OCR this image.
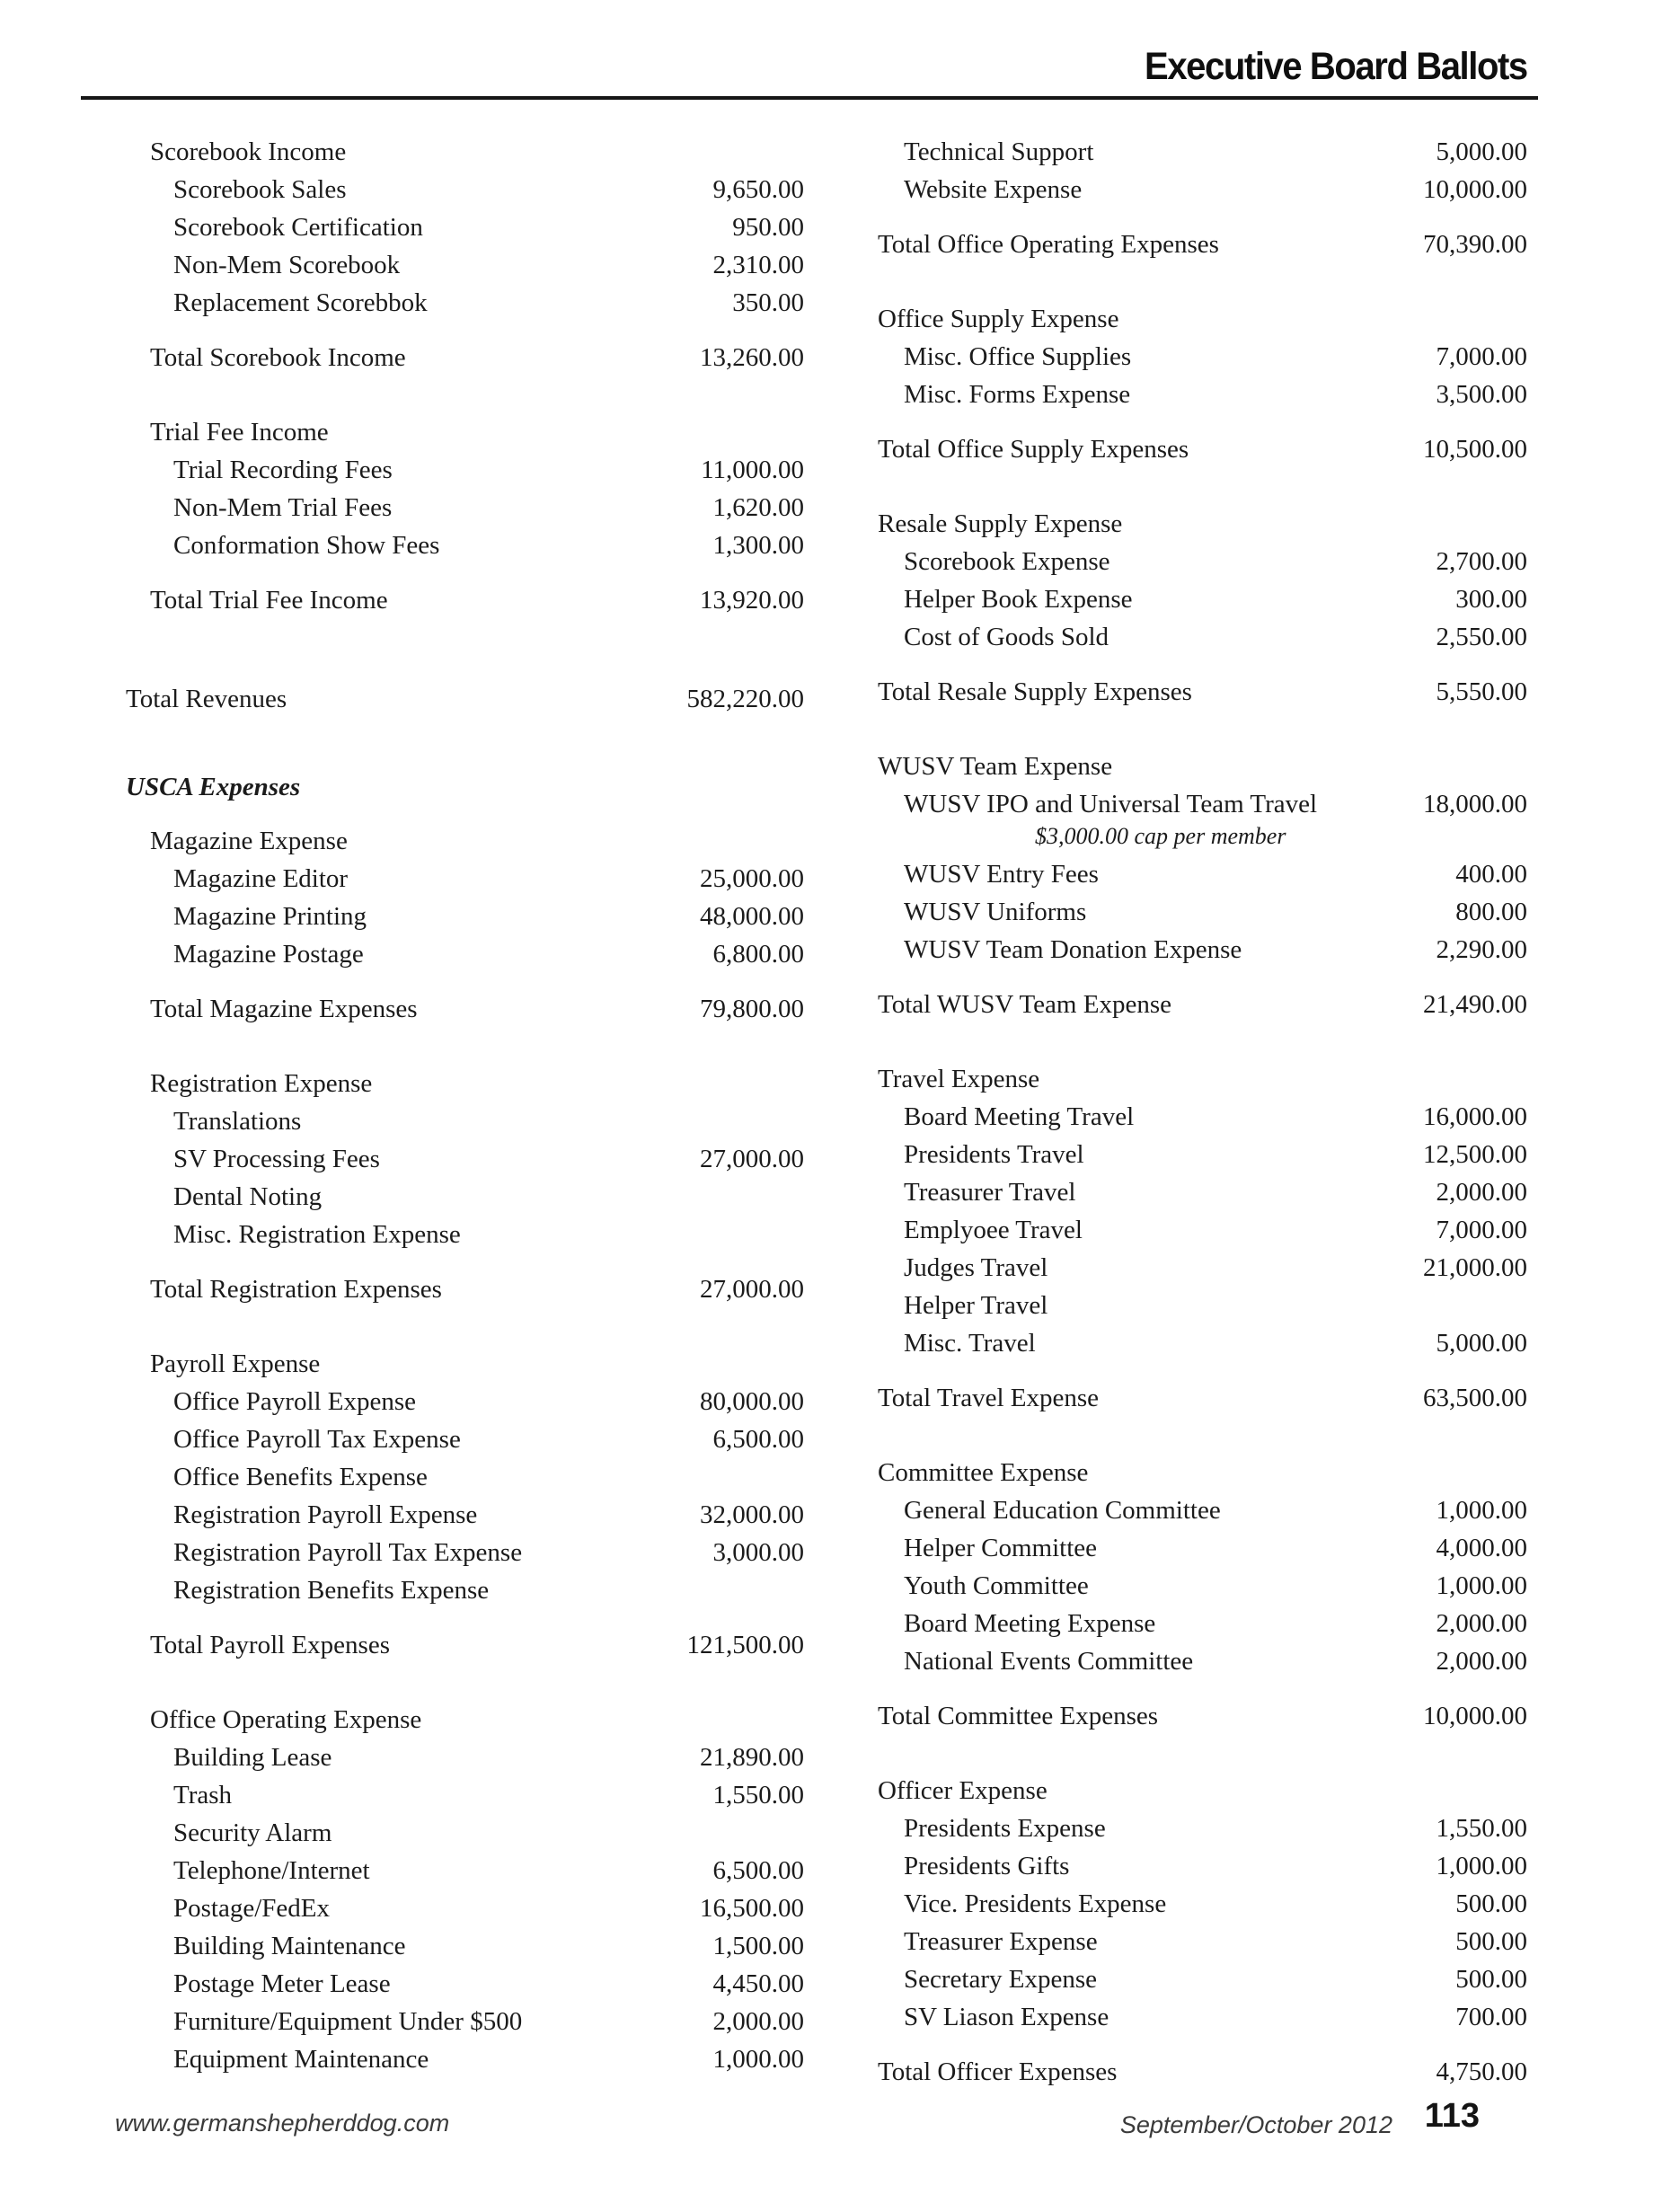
Executive Board Ballots
Scorebook Income
Scorebook Sales	9,650.00
Scorebook Certification	950.00
Non-Mem Scorebook	2,310.00
Replacement Scorebbok	350.00
Total Scorebook Income	13,260.00
Trial Fee Income
Trial Recording Fees	11,000.00
Non-Mem Trial Fees	1,620.00
Conformation Show Fees	1,300.00
Total Trial Fee Income	13,920.00
Total Revenues	582,220.00
USCA Expenses
Magazine Expense
Magazine Editor	25,000.00
Magazine Printing	48,000.00
Magazine Postage	6,800.00
Total Magazine Expenses	79,800.00
Registration Expense
Translations
SV Processing Fees	27,000.00
Dental Noting
Misc. Registration Expense
Total Registration Expenses	27,000.00
Payroll Expense
Office Payroll Expense	80,000.00
Office Payroll Tax Expense	6,500.00
Office Benefits Expense
Registration Payroll Expense	32,000.00
Registration Payroll Tax Expense	3,000.00
Registration Benefits Expense
Total Payroll Expenses	121,500.00
Office Operating Expense
Building Lease	21,890.00
Trash	1,550.00
Security Alarm
Telephone/Internet	6,500.00
Postage/FedEx	16,500.00
Building Maintenance	1,500.00
Postage Meter Lease	4,450.00
Furniture/Equipment Under $500	2,000.00
Equipment Maintenance	1,000.00
Technical Support	5,000.00
Website Expense	10,000.00
Total Office Operating Expenses	70,390.00
Office Supply Expense
Misc. Office Supplies	7,000.00
Misc. Forms Expense	3,500.00
Total Office Supply Expenses	10,500.00
Resale Supply Expense
Scorebook Expense	2,700.00
Helper Book Expense	300.00
Cost of Goods Sold	2,550.00
Total Resale Supply Expenses	5,550.00
WUSV Team Expense
WUSV IPO and Universal Team Travel	18,000.00
$3,000.00 cap per member
WUSV Entry Fees	400.00
WUSV Uniforms	800.00
WUSV Team Donation Expense	2,290.00
Total WUSV Team Expense	21,490.00
Travel Expense
Board Meeting Travel	16,000.00
Presidents Travel	12,500.00
Treasurer Travel	2,000.00
Emplyoee Travel	7,000.00
Judges Travel	21,000.00
Helper Travel
Misc. Travel	5,000.00
Total Travel Expense	63,500.00
Committee Expense
General Education Committee	1,000.00
Helper Committee	4,000.00
Youth Committee	1,000.00
Board Meeting Expense	2,000.00
National Events Committee	2,000.00
Total Committee Expenses	10,000.00
Officer Expense
Presidents Expense	1,550.00
Presidents Gifts	1,000.00
Vice. Presidents Expense	500.00
Treasurer Expense	500.00
Secretary Expense	500.00
SV Liason Expense	700.00
Total Officer Expenses	4,750.00
www.germanshepherddog.com	September/October 2012 113
